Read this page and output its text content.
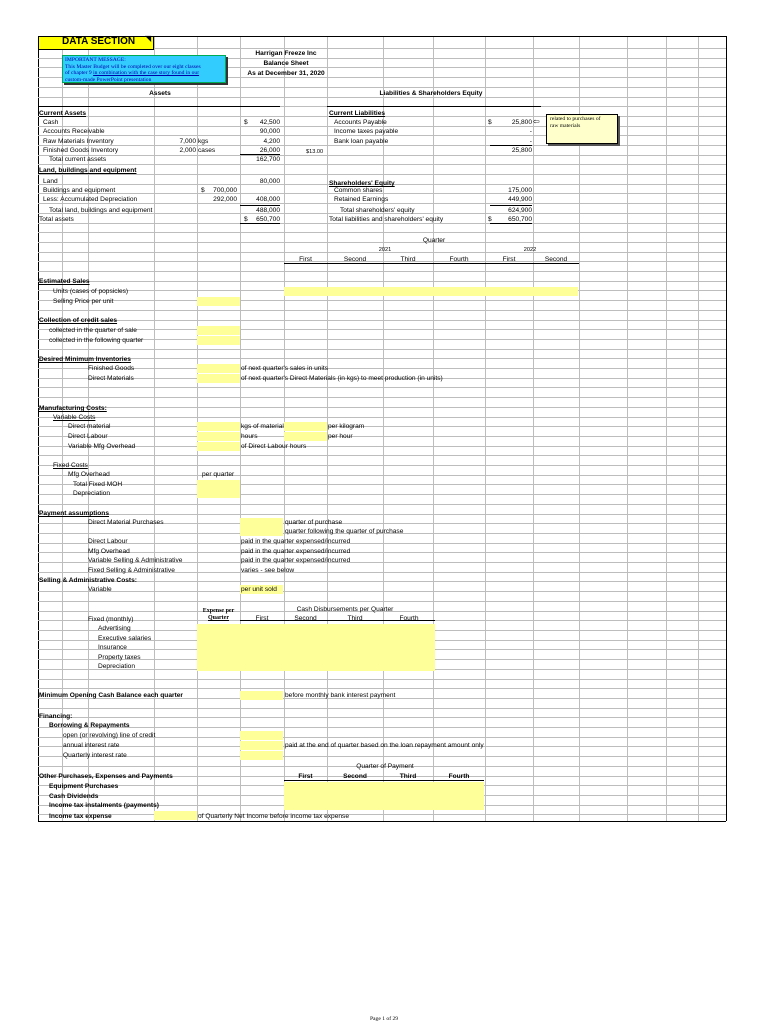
DATA SECTION ◥
IMPORTANT MESSAGE:
This Master Budget will be completed over our eight classes
of chapter 9 in combination with the case story found in our
custom-made PowerPoint presentation
Harrigan Freeze Inc
Balance Sheet
As at December 31, 2020
Assets	Liabilities & Shareholders Equity
Current Assets
Cash	$	42,500
Accounts Receivable	90,000
Raw Materials Inventory	7,000 kgs	4,200
Finished Goods Inventory	2,000 cases	26,000	$13.00
Total current assets	162,700
Land, buildings and equipment
Land	80,000
Buildings and equipment	$	700,000
Less: Accumulated Depreciation	292,000	408,000
Total land, buildings and equipment	488,000
Total assets	$	650,700
Current Liabilities
Accounts Payable	$	25,800 ⇦
Income taxes payable	-
Bank loan payable	-
25,800
Shareholders' Equity
Common shares	175,000
Retained Earnings	449,900
Total shareholders' equity	624,900
Total liabilities and shareholders' equity	$	650,700
related to purchases of
raw materials
Quarter
2021	2022
First	Second	Third	Fourth	First	Second
Estimated Sales
Units (cases of popsicles)
Selling Price per unit
Collection of credit sales
collected in the quarter of sale
collected in the following quarter
Desired Minimum Inventories
Finished Goods	of next quarter's sales in units
Direct Materials	of next quarter's Direct Materials (in kgs) to meet production (in units)
Manufacturing Costs:
Variable Costs
Direct material	kgs of material	per kilogram
Direct Labour	hours	per hour
Variable Mfg Overhead	of Direct Labour hours
Fixed Costs
Mfg Overhead	per quarter
Total Fixed MOH
Depreciation
Payment assumptions
Direct Material Purchases	quarter of purchase
quarter following the quarter of purchase
Direct Labour	paid in the quarter expensed/incurred
Mfg Overhead	paid in the quarter expensed/incurred
Variable Selling & Administrative	paid in the quarter expensed/incurred
Fixed Selling & Administrative	varies - see below
Selling & Administrative Costs:
Variable	per unit sold
Expense per
Quarter
Cash Disbursements per Quarter
First	Second	Third	Fourth
Fixed (monthly)
Advertising
Executive salaries
Insurance
Property taxes
Depreciation
Minimum Opening Cash Balance each quarter	before monthly bank interest payment
Financing:
Borrowing & Repayments
open (or revolving) line of credit
annual interest rate	paid at the end of quarter based on the loan repayment amount only
Quarterly interest rate
Quarter of Payment
Other Purchases, Expenses and Payments	First	Second	Third	Fourth
Equipment Purchases
Cash Dividends
Income tax instalments (payments)
Income tax expense	of Quarterly Net Income before income tax expense
Page 1 of 29
